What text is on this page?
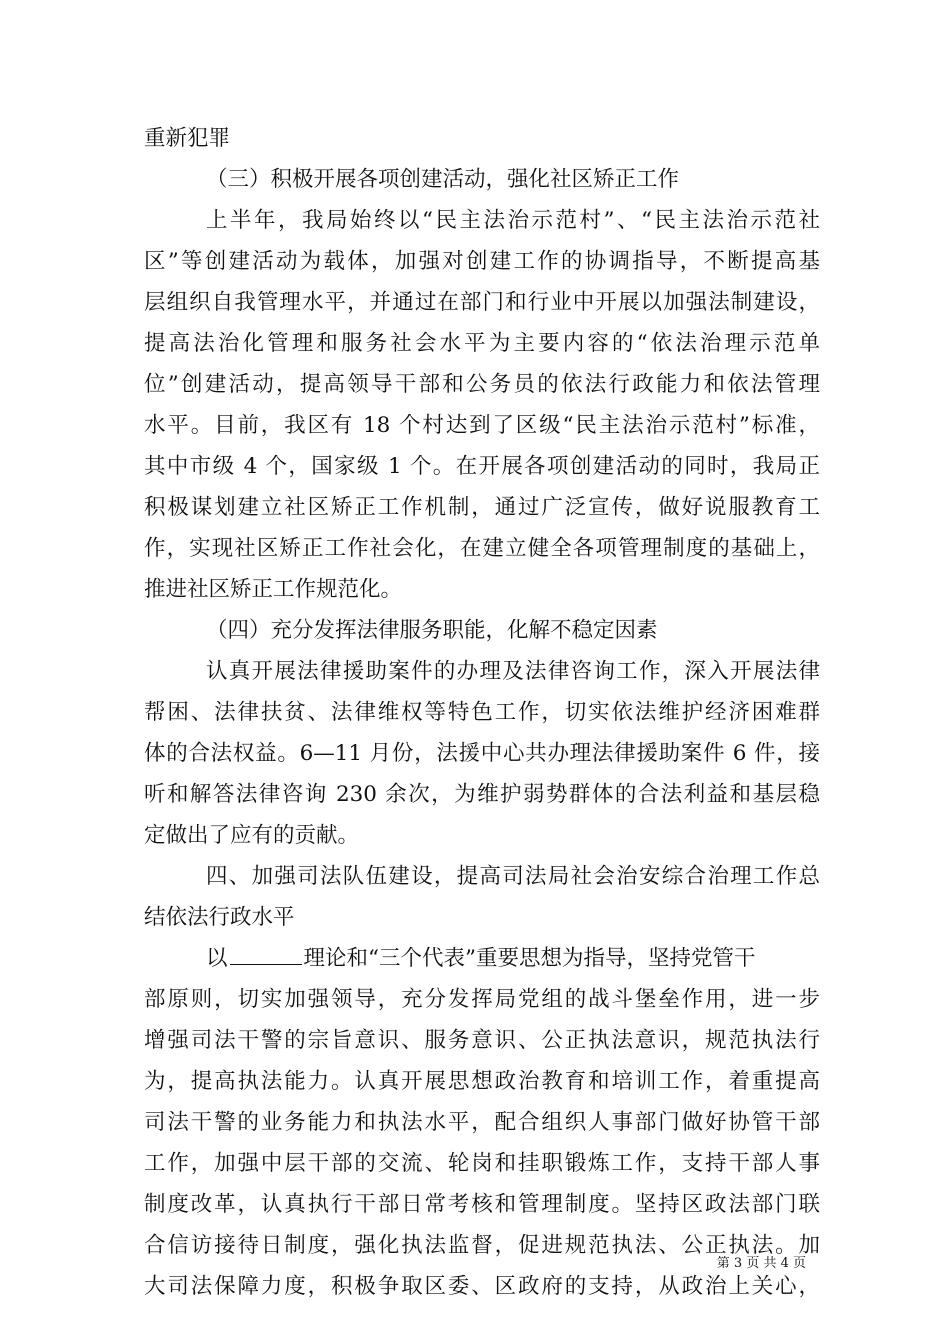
重新犯罪
（三）积极开展各项创建活动，强化社区矫正工作
上半年，我局始终以“民主法治示范村”、“民主法治示范社
区”等创建活动为载体，加强对创建工作的协调指导，不断提高基
层组织自我管理水平，并通过在部门和行业中开展以加强法制建设，
提高法治化管理和服务社会水平为主要内容的“依法治理示范单
位”创建活动，提高领导干部和公务员的依法行政能力和依法管理
水平。目前，我区有 18 个村达到了区级“民主法治示范村”标准，
其中市级 4 个，国家级 1 个。在开展各项创建活动的同时，我局正
积极谋划建立社区矫正工作机制，通过广泛宣传，做好说服教育工
作，实现社区矫正工作社会化，在建立健全各项管理制度的基础上，
推进社区矫正工作规范化。
（四）充分发挥法律服务职能，化解不稳定因素
认真开展法律援助案件的办理及法律咨询工作，深入开展法律
帮困、法律扶贫、法律维权等特色工作，切实依法维护经济困难群
体的合法权益。6—11 月份，法援中心共办理法律援助案件 6 件，接
听和解答法律咨询 230 余次，为维护弱势群体的合法利益和基层稳
定做出了应有的贡献。
四、加强司法队伍建设，提高司法局社会治安综合治理工作总
结依法行政水平
以	理论和“三个代表”重要思想为指导，坚持党管干
部原则，切实加强领导，充分发挥局党组的战斗堡垒作用，进一步
增强司法干警的宗旨意识、服务意识、公正执法意识，规范执法行
为，提高执法能力。认真开展思想政治教育和培训工作，着重提高
司法干警的业务能力和执法水平，配合组织人事部门做好协管干部
工作，加强中层干部的交流、轮岗和挂职锻炼工作，支持干部人事
制度改革，认真执行干部日常考核和管理制度。坚持区政法部门联
合信访接待日制度，强化执法监督，促进规范执法、公正执法。加
大司法保障力度，积极争取区委、区政府的支持，从政治上关心，
第 3 页 共 4 页
